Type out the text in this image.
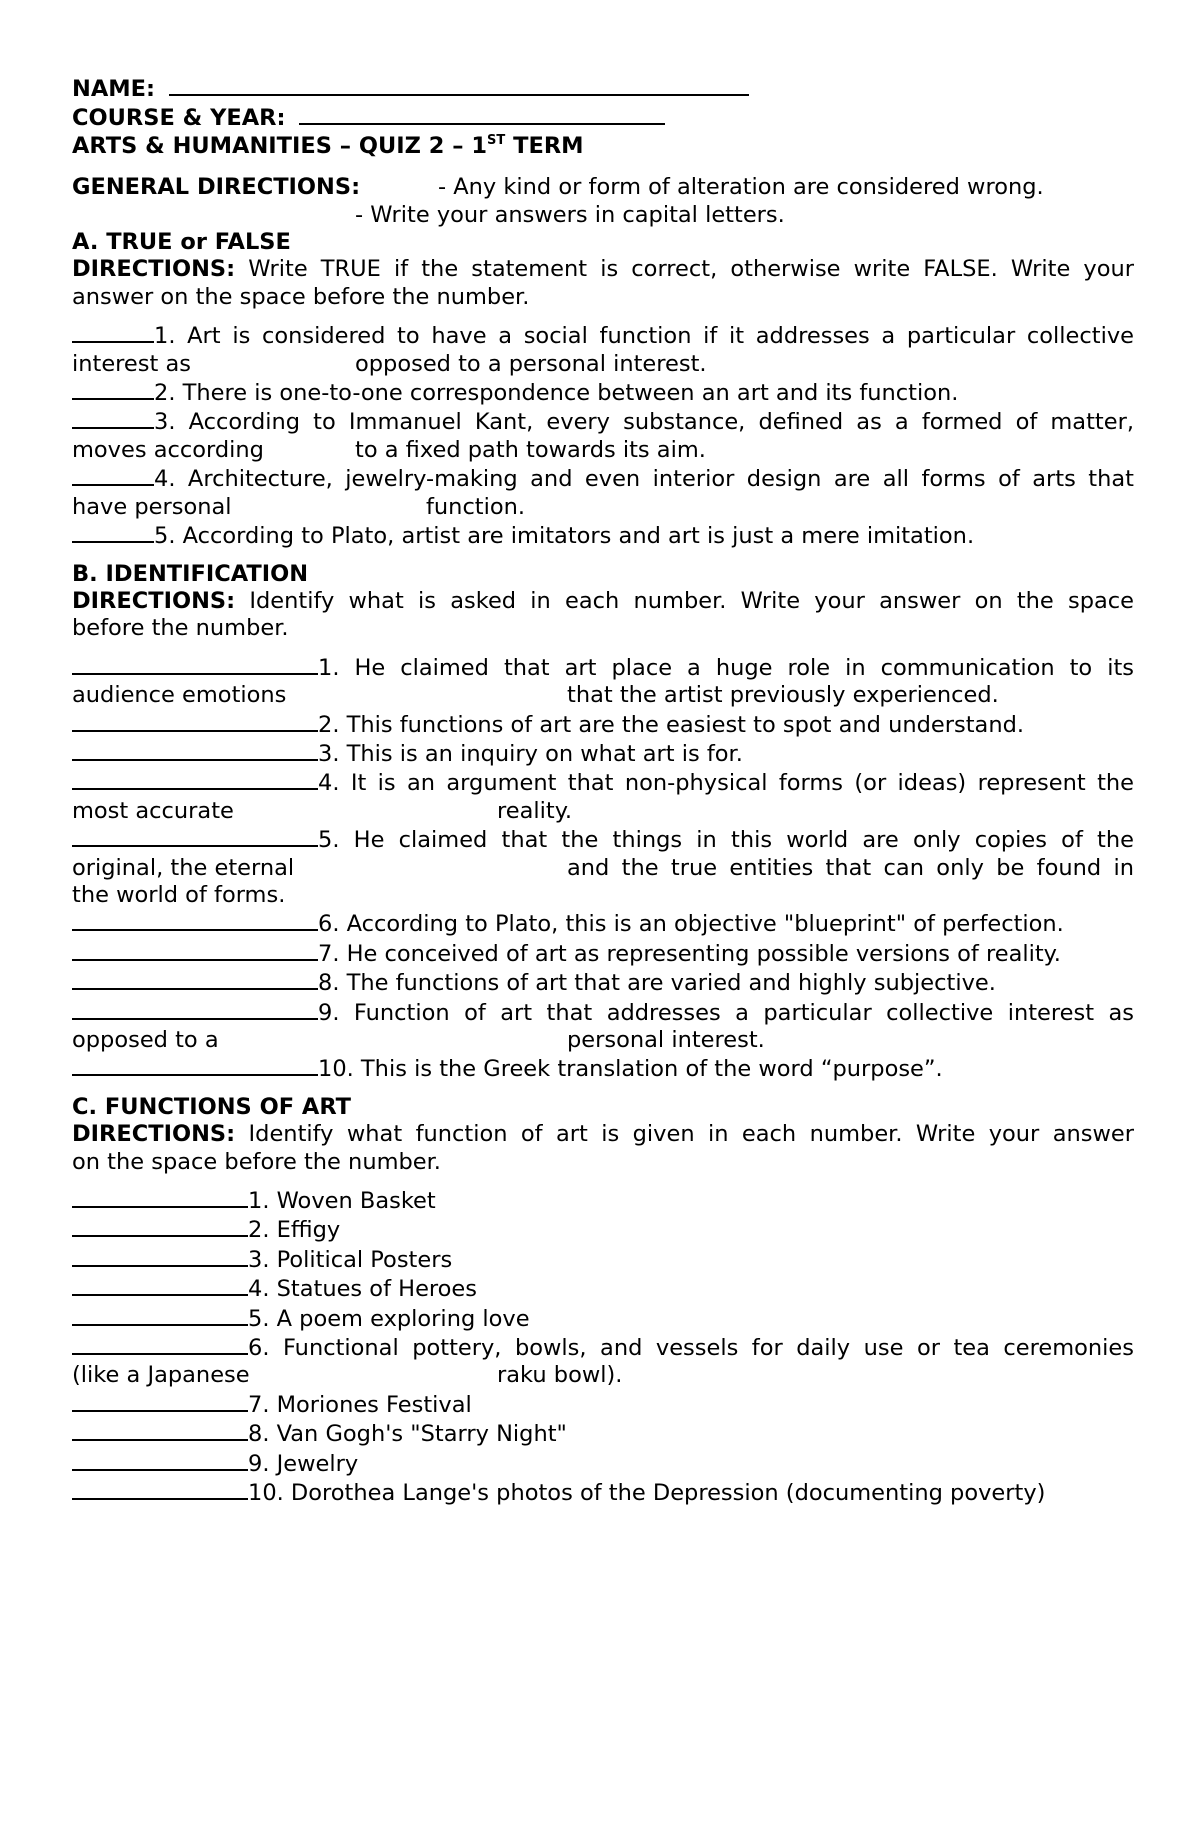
NAME:
COURSE & YEAR:
ARTS & HUMANITIES – QUIZ 2 – 1ST TERM
GENERAL DIRECTIONS:	- Any kind or form of alteration are considered wrong.
- Write your answers in capital letters.
A. TRUE or FALSE
DIRECTIONS: Write TRUE if the statement is correct, otherwise write FALSE. Write your
answer on the space before the number.
1. Art is considered to have a social function if it addresses a particular collective
interest as	opposed to a personal interest.
2. There is one-to-one correspondence between an art and its function.
3. According to Immanuel Kant, every substance, defined as a formed of matter,
moves according	to a fixed path towards its aim.
4. Architecture, jewelry-making and even interior design are all forms of arts that
have personal	function.
5. According to Plato, artist are imitators and art is just a mere imitation.
B. IDENTIFICATION
DIRECTIONS: Identify what is asked in each number. Write your answer on the space
before the number.
1. He claimed that art place a huge role in communication to its
audience emotions	that the artist previously experienced.
2. This functions of art are the easiest to spot and understand.
3. This is an inquiry on what art is for.
4. It is an argument that non-physical forms (or ideas) represent the
most accurate	reality.
5. He claimed that the things in this world are only copies of the
original, the eternal	and the true entities that can only be found in
the world of forms.
6. According to Plato, this is an objective "blueprint" of perfection.
7. He conceived of art as representing possible versions of reality.
8. The functions of art that are varied and highly subjective.
9. Function of art that addresses a particular collective interest as
opposed to a	personal interest.
10. This is the Greek translation of the word “purpose”.
C. FUNCTIONS OF ART
DIRECTIONS: Identify what function of art is given in each number. Write your answer
on the space before the number.
1. Woven Basket
2. Effigy
3. Political Posters
4. Statues of Heroes
5. A poem exploring love
6. Functional pottery, bowls, and vessels for daily use or tea ceremonies
(like a Japanese	raku bowl).
7. Moriones Festival
8. Van Gogh's "Starry Night"
9. Jewelry
10. Dorothea Lange's photos of the Depression (documenting poverty)
